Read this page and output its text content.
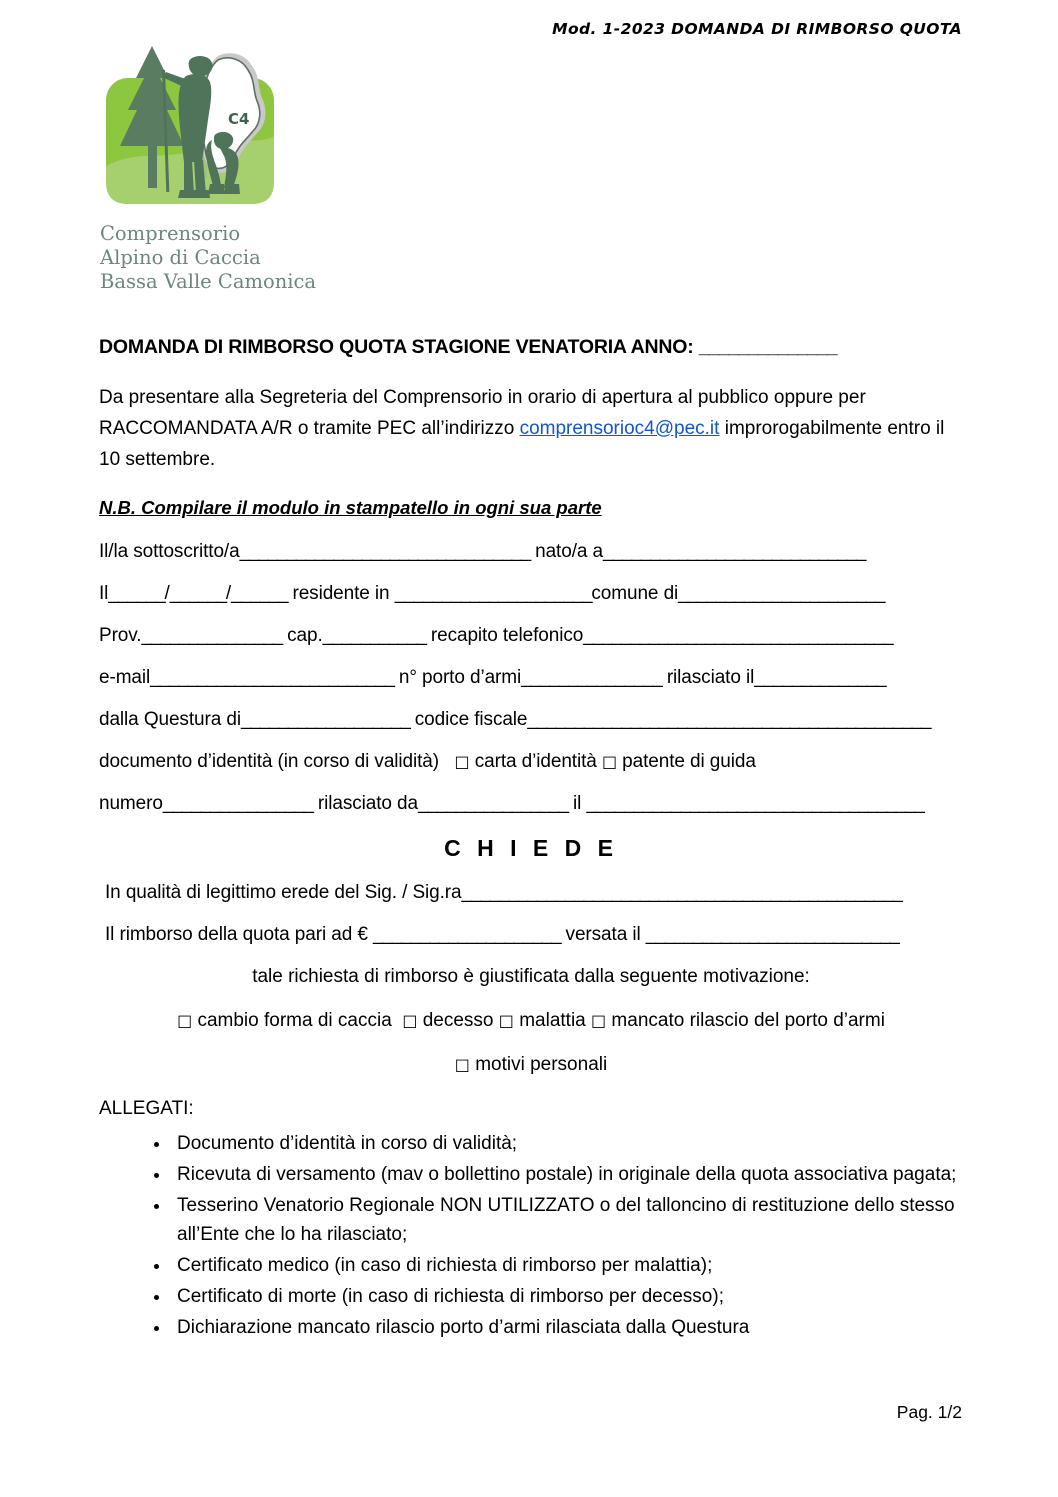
Mod. 1-2023 DOMANDA DI RIMBORSO QUOTA
C4
Comprensorio
Alpino di Caccia
Bassa Valle Camonica
DOMANDA DI RIMBORSO QUOTA STAGIONE VENATORIA ANNO: ______________

Da presentare alla Segreteria del Comprensorio in orario di apertura al pubblico oppure per RACCOMANDATA A/R o tramite PEC all’indirizzo comprensorioc4@pec.it improrogabilmente entro il 10 settembre.

N.B. Compilare il modulo in stampatello in ogni sua parte
Il/la sottoscritto/a_______________________________ nato/a a____________________________
Il______/______/______ residente in _____________________comune di______________________
Prov._______________ cap.___________ recapito telefonico_________________________________
e-mail__________________________ n° porto d’armi_______________ rilasciato il______________
dalla Questura di__________________ codice fiscale___________________________________________
documento d’identità (in corso di validità) □ carta d’identità □ patente di guida
numero________________ rilasciato da________________ il ____________________________________
C H I E D E
In qualità di legittimo erede del Sig. / Sig.ra_______________________________________________
Il rimborso della quota pari ad € ____________________ versata il ___________________________
tale richiesta di rimborso è giustificata dalla seguente motivazione:
□ cambio forma di caccia □ decesso □ malattia □ mancato rilascio del porto d’armi
□ motivi personali
ALLEGATI:
• Documento d’identità in corso di validità;
• Ricevuta di versamento (mav o bollettino postale) in originale della quota associativa pagata;
• Tesserino Venatorio Regionale NON UTILIZZATO o del talloncino di restituzione dello stesso all’Ente che lo ha rilasciato;
• Certificato medico (in caso di richiesta di rimborso per malattia);
• Certificato di morte (in caso di richiesta di rimborso per decesso);
• Dichiarazione mancato rilascio porto d’armi rilasciata dalla Questura
Pag. 1/2
